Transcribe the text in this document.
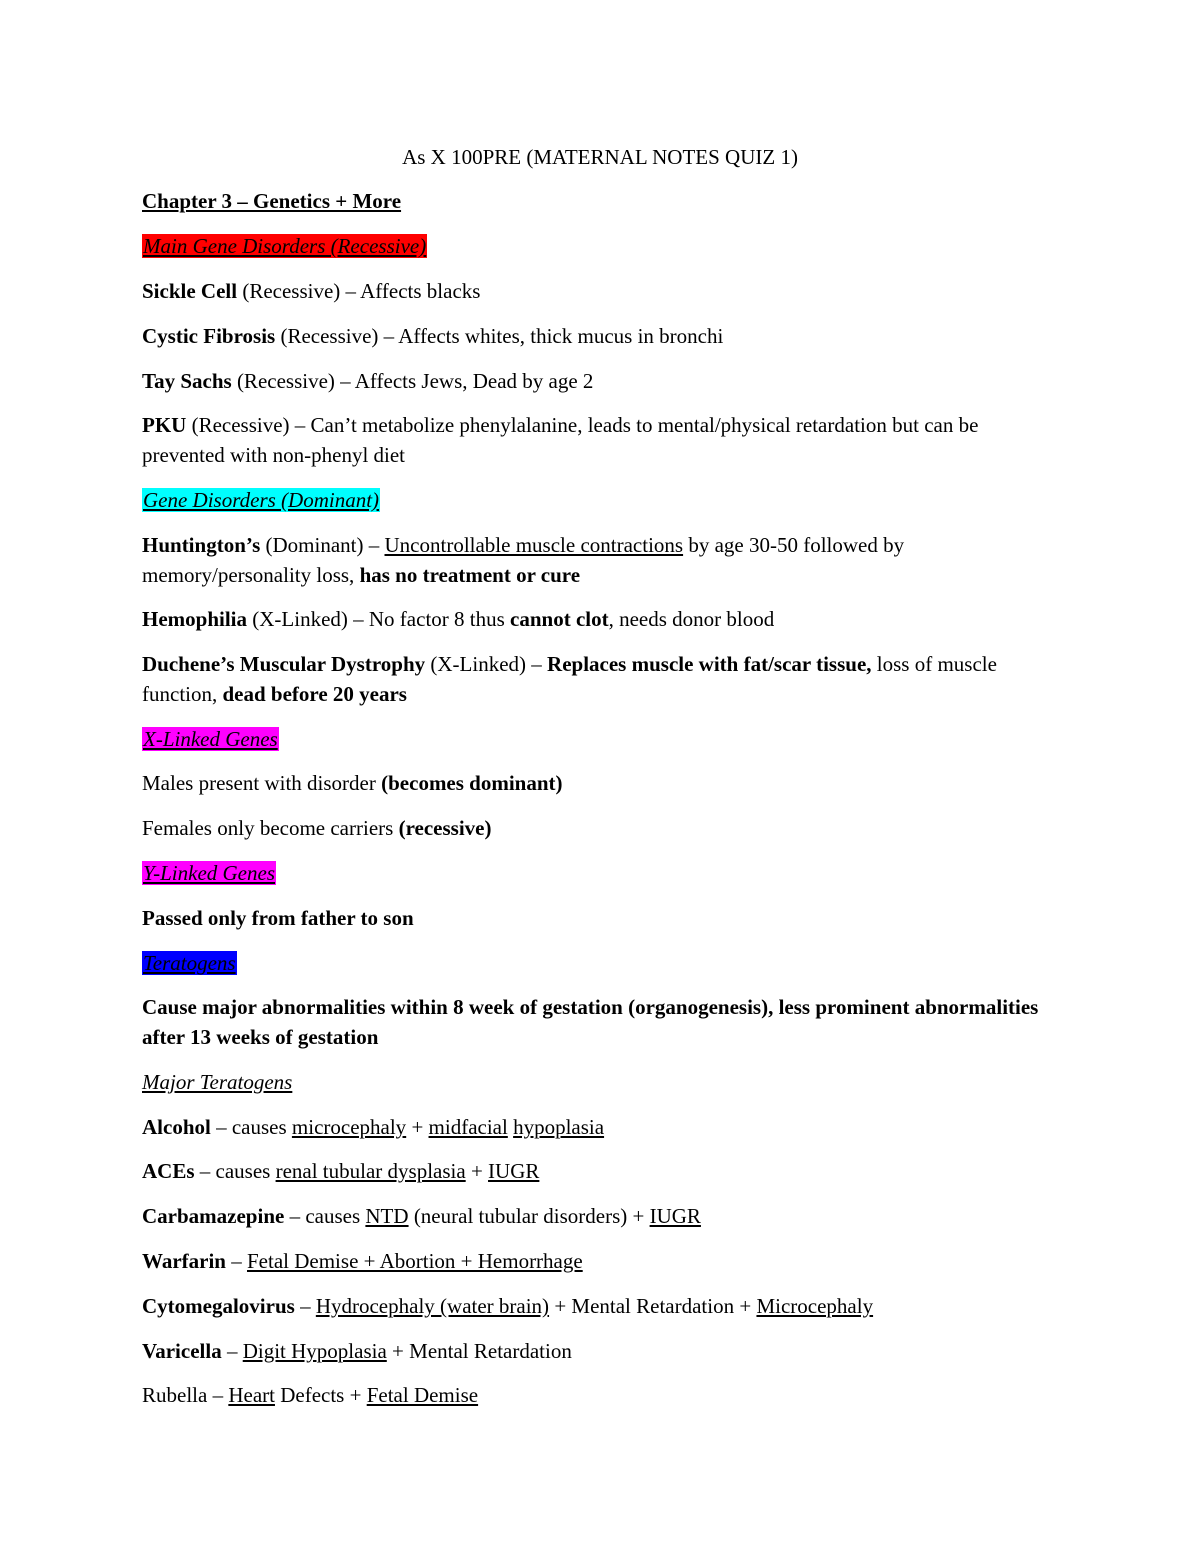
As X 100PRE (MATERNAL NOTES QUIZ 1)
Chapter 3 – Genetics + More
Main Gene Disorders (Recessive)
Sickle Cell (Recessive) – Affects blacks
Cystic Fibrosis (Recessive) – Affects whites, thick mucus in bronchi
Tay Sachs (Recessive) – Affects Jews, Dead by age 2
PKU (Recessive) – Can’t metabolize phenylalanine, leads to mental/physical retardation but can be prevented with non-phenyl diet
Gene Disorders (Dominant)
Huntington’s (Dominant) – Uncontrollable muscle contractions by age 30-50 followed by memory/personality loss, has no treatment or cure
Hemophilia (X-Linked) – No factor 8 thus cannot clot, needs donor blood
Duchene’s Muscular Dystrophy (X-Linked) – Replaces muscle with fat/scar tissue, loss of muscle function, dead before 20 years
X-Linked Genes
Males present with disorder (becomes dominant)
Females only become carriers (recessive)
Y-Linked Genes
Passed only from father to son
Teratogens
Cause major abnormalities within 8 week of gestation (organogenesis), less prominent abnormalities after 13 weeks of gestation
Major Teratogens
Alcohol – causes microcephaly + midfacial hypoplasia
ACEs – causes renal tubular dysplasia + IUGR
Carbamazepine – causes NTD (neural tubular disorders) + IUGR
Warfarin – Fetal Demise + Abortion + Hemorrhage
Cytomegalovirus – Hydrocephaly (water brain) + Mental Retardation + Microcephaly
Varicella – Digit Hypoplasia + Mental Retardation
Rubella – Heart Defects + Fetal Demise
